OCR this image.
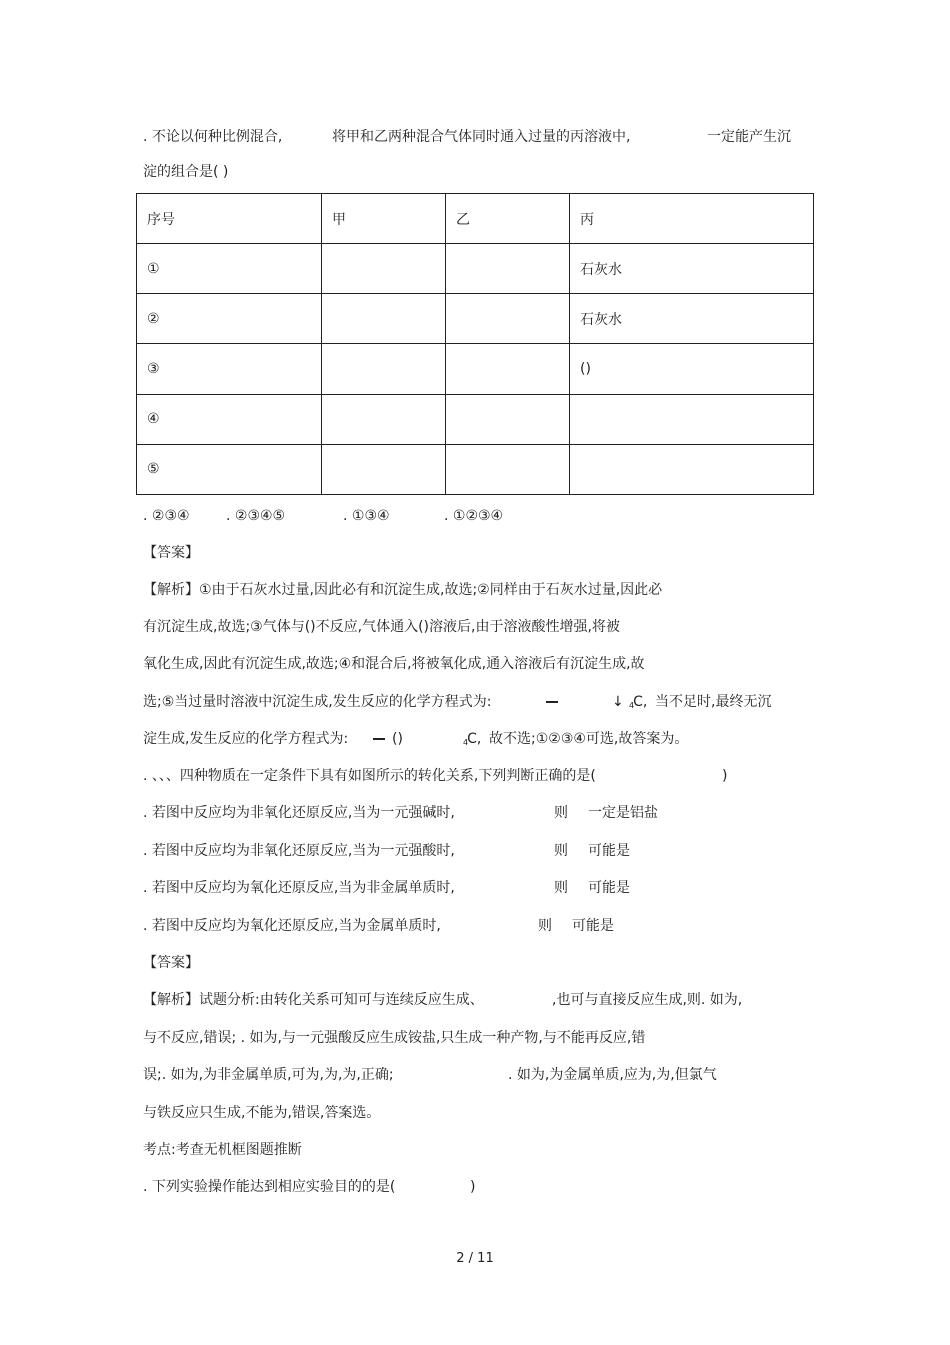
. 不论以何种比例混合,	将甲和乙两种混合气体同时通入过量的丙溶液中,	一定能产生沉
淀的组合是( )
序号	甲	乙	丙
①			石灰水
②			石灰水
③			()
④			
⑤			
. ②③④	. ②③④⑤	. ①③④	. ①②③④
【答案】
【解析】①由于石灰水过量,因此必有和沉淀生成,故选;②同样由于石灰水过量,因此必
有沉淀生成,故选;③气体与()不反应,气体通入()溶液后,由于溶液酸性增强,将被
氧化生成,因此有沉淀生成,故选;④和混合后,将被氧化成,通入溶液后有沉淀生成,故
选;⑤当过量时溶液中沉淀生成,发生反应的化学方程式为:	↓ $_4$C, 当不足时,最终无沉
淀生成,发生反应的化学方程式为:	()	$_4$C, 故不选;①②③④可选,故答案为。
. 、、、四种物质在一定条件下具有如图所示的转化关系,下列判断正确的是(	)
. 若图中反应均为非氧化还原反应,当为一元强碱时,	则 一定是铝盐
. 若图中反应均为非氧化还原反应,当为一元强酸时,	则 可能是
. 若图中反应均为氧化还原反应,当为非金属单质时,	则 可能是
. 若图中反应均为氧化还原反应,当为金属单质时,	则 可能是
【答案】
【解析】试题分析:由转化关系可知可与连续反应生成、	,也可与直接反应生成,则. 如为,
与不反应,错误; . 如为,与一元强酸反应生成铵盐,只生成一种产物,与不能再反应,错
误;. 如为,为非金属单质,可为,为,为,正确;	. 如为,为金属单质,应为,为,但氯气
与铁反应只生成,不能为,错误,答案选。
考点:考查无机框图题推断
. 下列实验操作能达到相应实验目的的是(	)
2 / 11
